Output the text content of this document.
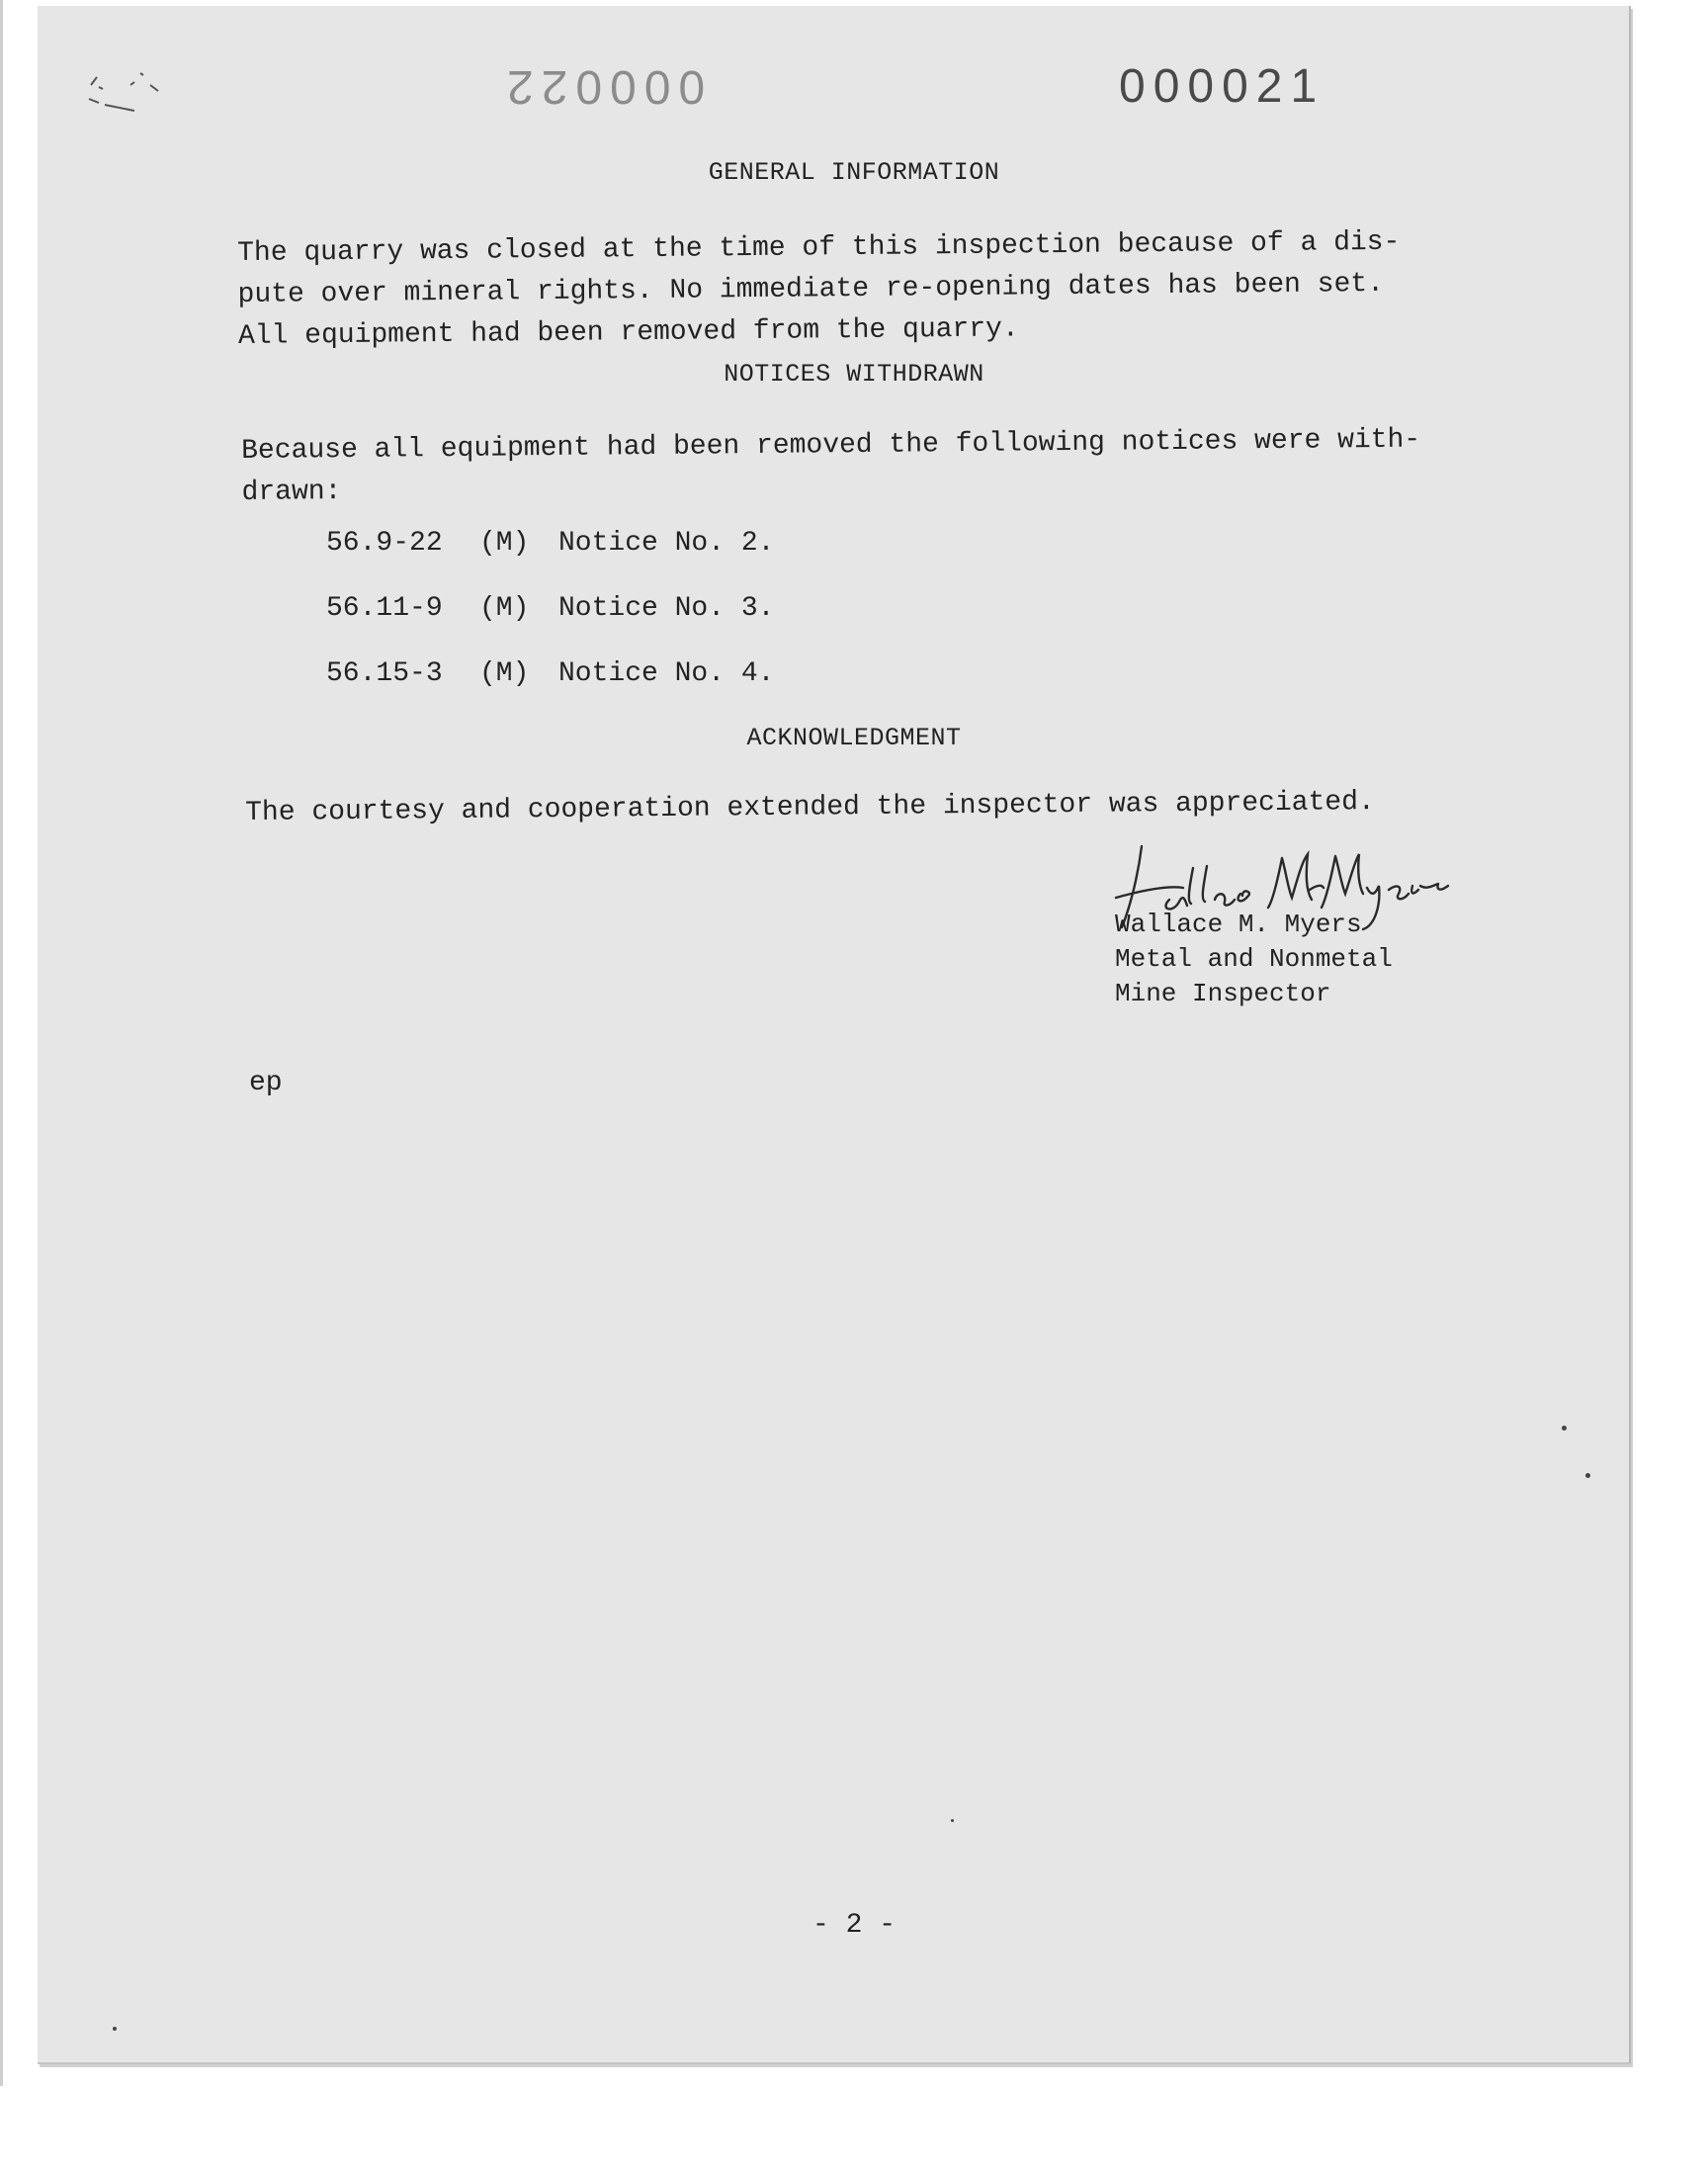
000022	000021
GENERAL INFORMATION

The quarry was closed at the time of this inspection because of a dis-

pute over mineral rights. No immediate re-opening dates has been set.

All equipment had been removed from the quarry.

NOTICES WITHDRAWN

Because all equipment had been removed the following notices were with-

drawn:

56.9-22 (M) Notice No. 2.
56.11-9 (M) Notice No. 3.
56.15-3 (M) Notice No. 4.
ACKNOWLEDGMENT

The courtesy and cooperation extended the inspector was appreciated.

Wallace M. Myers
Metal and Nonmetal
Mine Inspector
ep
- 2 -
